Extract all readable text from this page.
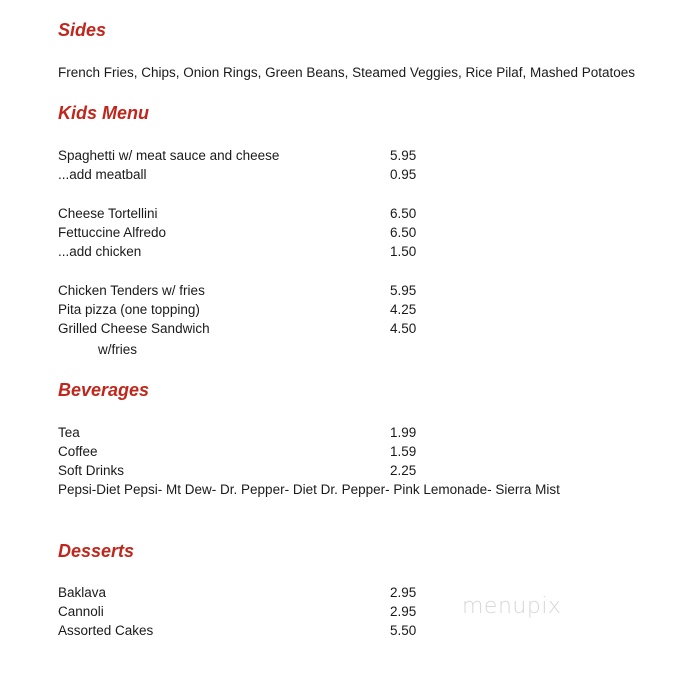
Sides
French Fries, Chips, Onion Rings, Green Beans, Steamed Veggies, Rice Pilaf, Mashed Potatoes
Kids Menu
Spaghetti w/ meat sauce and cheese	5.95
...add meatball	0.95
Cheese Tortellini	6.50
Fettuccine Alfredo	6.50
...add chicken	1.50
Chicken Tenders w/ fries	5.95
Pita pizza (one topping)	4.25
Grilled Cheese Sandwich	4.50
w/fries
Beverages
Tea	1.99
Coffee	1.59
Soft Drinks	2.25
Pepsi-Diet Pepsi- Mt Dew- Dr. Pepper- Diet Dr. Pepper- Pink Lemonade- Sierra Mist
Desserts
Baklava	2.95
Cannoli	2.95
Assorted Cakes	5.50
menupix
